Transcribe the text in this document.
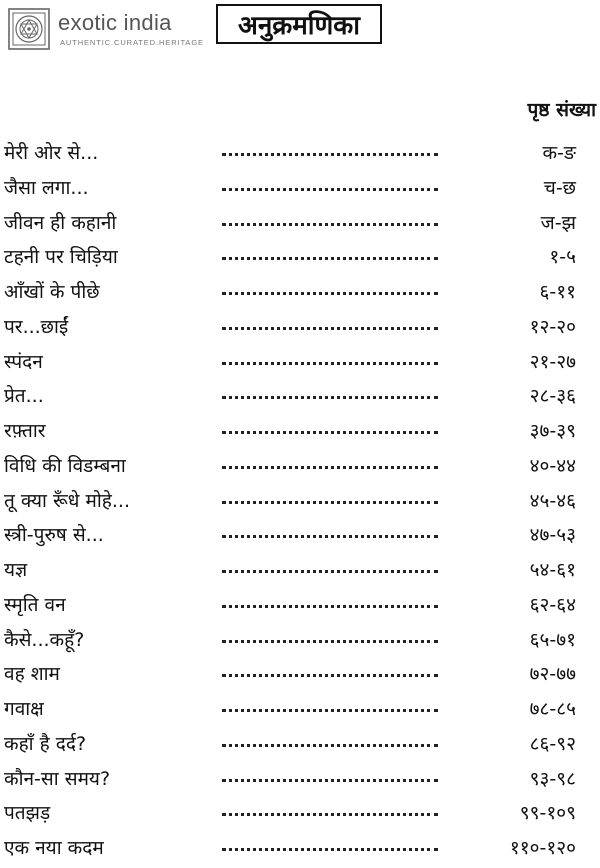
exotic india
AUTHENTIC.CURATED.HERITAGE
अनुक्रमणिका
पृष्ठ संख्या
मेरी ओर से...	क-ङ
जैसा लगा...	च-छ
जीवन ही कहानी	ज-झ
टहनी पर चिड़िया	१-५
आँखों के पीछे	६-११
पर...छाईं	१२-२०
स्पंदन	२१-२७
प्रेत...	२८-३६
रफ़्तार	३७-३९
विधि की विडम्बना	४०-४४
तू क्या रूँधे मोहे...	४५-४६
स्त्री-पुरुष से...	४७-५३
यज्ञ	५४-६१
स्मृति वन	६२-६४
कैसे...कहूँ?	६५-७१
वह शाम	७२-७७
गवाक्ष	७८-८५
कहाँ है दर्द?	८६-९२
कौन-सा समय?	९३-९८
पतझड़	९९-१०९
एक नया कदम	११०-१२०
